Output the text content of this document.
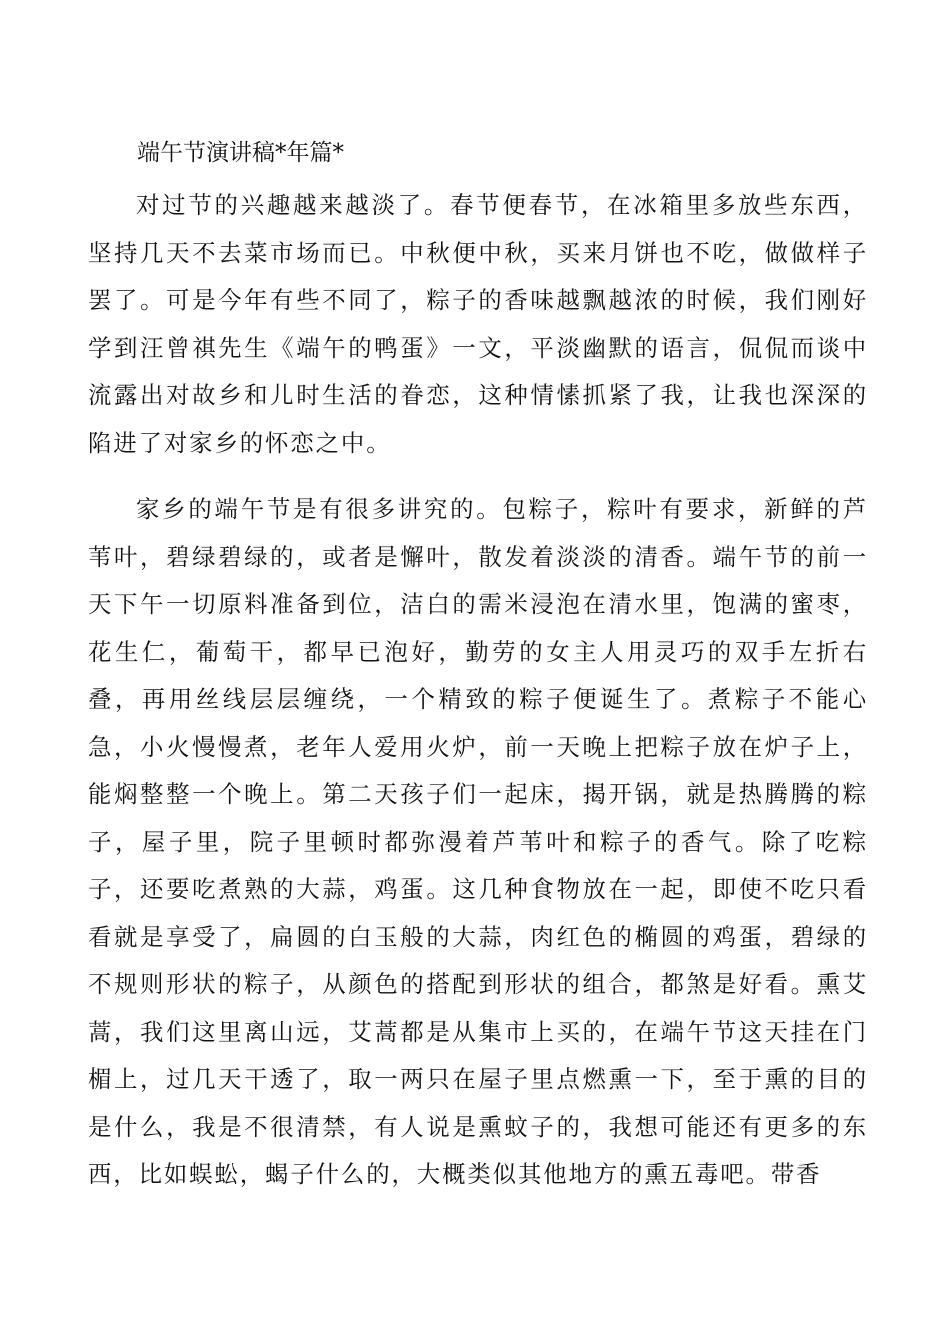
端午节演讲稿*年篇*

对过节的兴趣越来越淡了。春节便春节，在冰箱里多放些东西，坚持几天不去菜市场而已。中秋便中秋，买来月饼也不吃，做做样子罢了。可是今年有些不同了，粽子的香味越飘越浓的时候，我们刚好学到汪曾祺先生《端午的鸭蛋》一文，平淡幽默的语言，侃侃而谈中流露出对故乡和儿时生活的眷恋，这种情愫抓紧了我，让我也深深的陷进了对家乡的怀恋之中。

家乡的端午节是有很多讲究的。包粽子，粽叶有要求，新鲜的芦苇叶，碧绿碧绿的，或者是懈叶，散发着淡淡的清香。端午节的前一天下午一切原料准备到位，洁白的需米浸泡在清水里，饱满的蜜枣，花生仁，葡萄干，都早已泡好，勤劳的女主人用灵巧的双手左折右叠，再用丝线层层缠绕，一个精致的粽子便诞生了。煮粽子不能心急，小火慢慢煮，老年人爱用火炉，前一天晚上把粽子放在炉子上，能焖整整一个晚上。第二天孩子们一起床，揭开锅，就是热腾腾的粽子，屋子里，院子里顿时都弥漫着芦苇叶和粽子的香气。除了吃粽子，还要吃煮熟的大蒜，鸡蛋。这几种食物放在一起，即使不吃只看看就是享受了，扁圆的白玉般的大蒜，肉红色的椭圆的鸡蛋，碧绿的不规则形状的粽子，从颜色的搭配到形状的组合，都煞是好看。熏艾蒿，我们这里离山远，艾蒿都是从集市上买的，在端午节这天挂在门楣上，过几天干透了，取一两只在屋子里点燃熏一下，至于熏的目的是什么，我是不很清禁，有人说是熏蚊子的，我想可能还有更多的东西，比如蜈蚣，蝎子什么的，大概类似其他地方的熏五毒吧。带香
